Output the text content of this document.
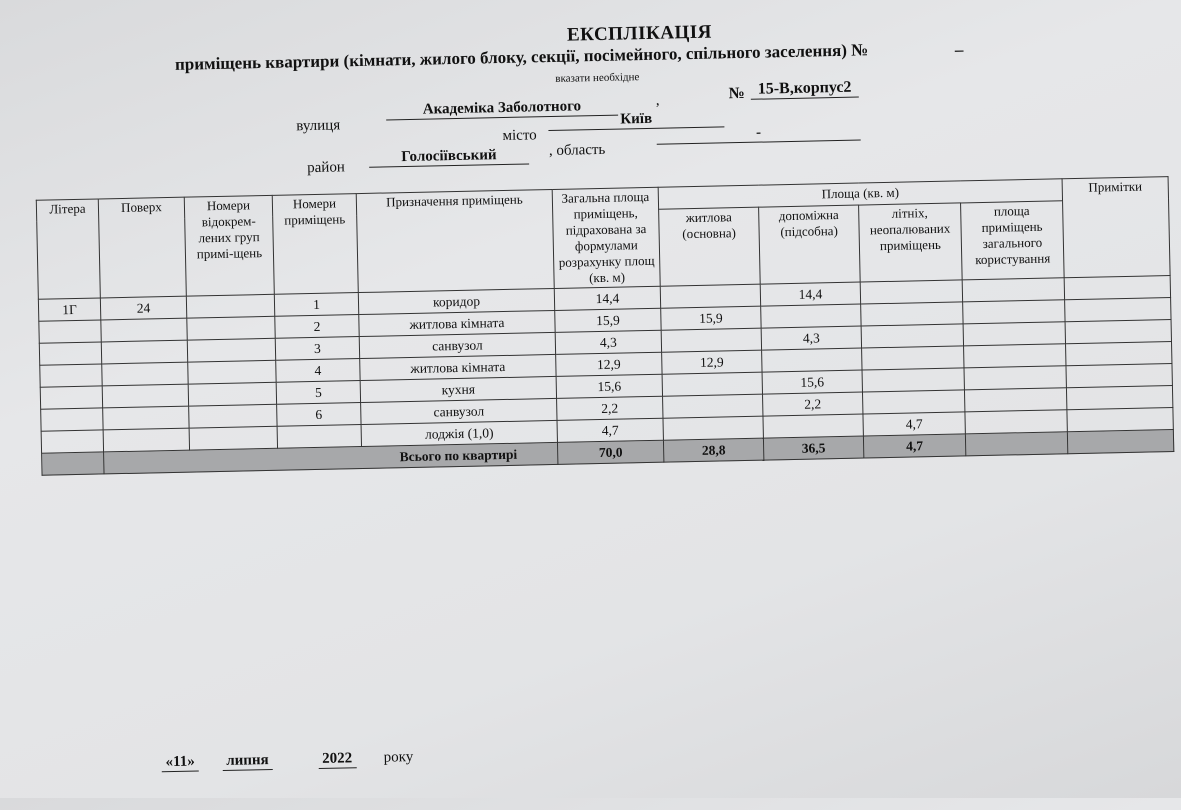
ЕКСПЛІКАЦІЯ
приміщень квартири (кімнати, жилого блоку, секції, посімейного, спільного заселення) №	_
вказати необхідне
вулиця
Академіка Заболотного	,	№ 15-В,корпус2
місто
Київ
район
Голосіївський	, область
-
Літера	Поверх	Номери відокрем-лених груп примі-щень	Номери приміщень	Призначення приміщень	Загальна площа приміщень, підрахована за формулами розрахунку площ (кв. м)	Площа (кв. м)				Примітки
						житлова (основна)	допоміжна (підсобна)	літніх, неопалюваних приміщень	площа приміщень загального користування	
1Г	24		1	коридор	14,4		14,4			
			2	житлова кімната	15,9	15,9				
			3	санвузол	4,3		4,3			
			4	житлова кімната	12,9	12,9				
			5	кухня	15,6		15,6			
			6	санвузол	2,2		2,2			
				лоджія (1,0)	4,7			4,7		
	Всього по квартирі				70,0	28,8	36,5	4,7		
«11» липня	2022 року
